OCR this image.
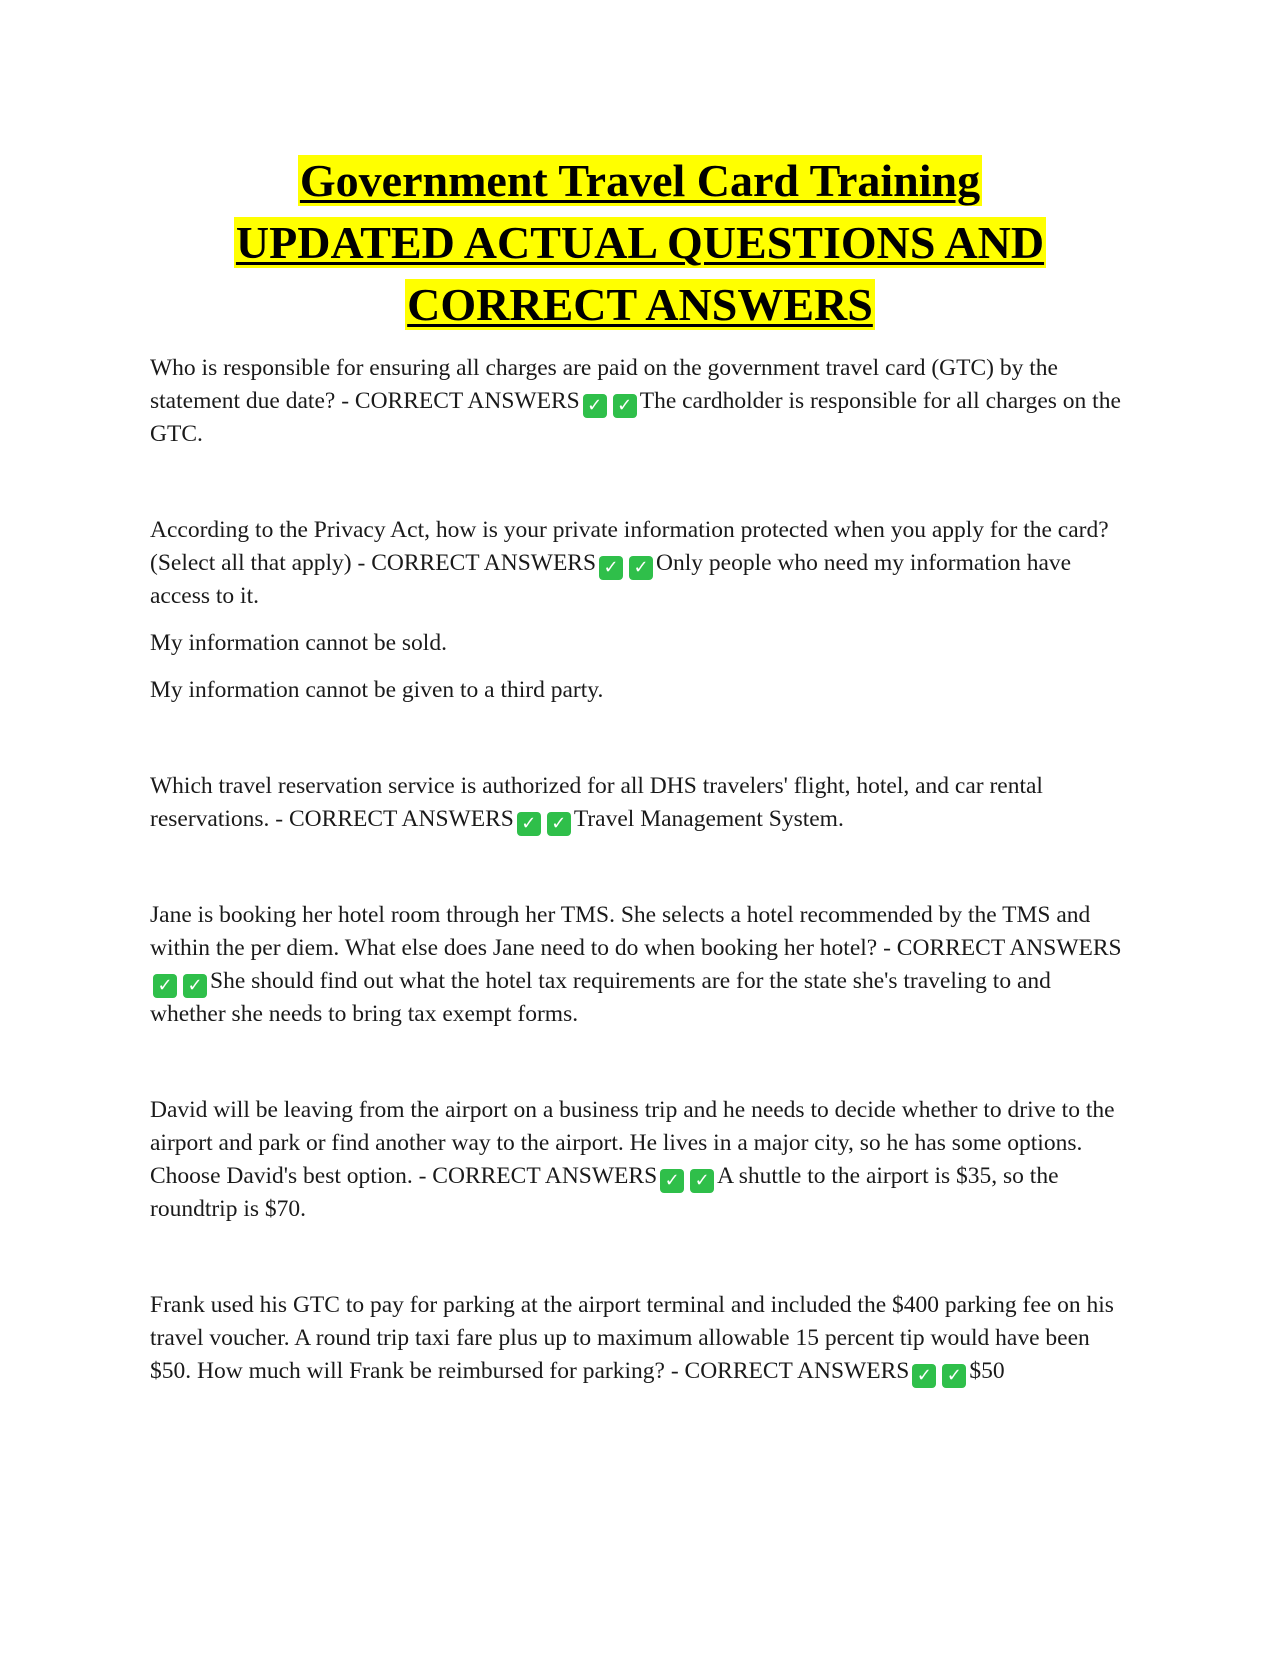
Government Travel Card Training
UPDATED ACTUAL QUESTIONS AND
CORRECT ANSWERS

Who is responsible for ensuring all charges are paid on the government travel card (GTC) by the statement due date? - CORRECT ANSWERS ✓ ✓ The cardholder is responsible for all charges on the GTC.

According to the Privacy Act, how is your private information protected when you apply for the card? (Select all that apply) - CORRECT ANSWERS ✓ ✓ Only people who need my information have access to it.

My information cannot be sold.

My information cannot be given to a third party.

Which travel reservation service is authorized for all DHS travelers' flight, hotel, and car rental reservations. - CORRECT ANSWERS ✓ ✓ Travel Management System.

Jane is booking her hotel room through her TMS. She selects a hotel recommended by the TMS and within the per diem. What else does Jane need to do when booking her hotel? - CORRECT ANSWERS✓ ✓ She should find out what the hotel tax requirements are for the state she's traveling to and whether she needs to bring tax exempt forms.

David will be leaving from the airport on a business trip and he needs to decide whether to drive to the airport and park or find another way to the airport. He lives in a major city, so he has some options. Choose David's best option. - CORRECT ANSWERS ✓ ✓ A shuttle to the airport is $35, so the roundtrip is $70.

Frank used his GTC to pay for parking at the airport terminal and included the $400 parking fee on his travel voucher. A round trip taxi fare plus up to maximum allowable 15 percent tip would have been $50. How much will Frank be reimbursed for parking? - CORRECT ANSWERS ✓ ✓ $50
